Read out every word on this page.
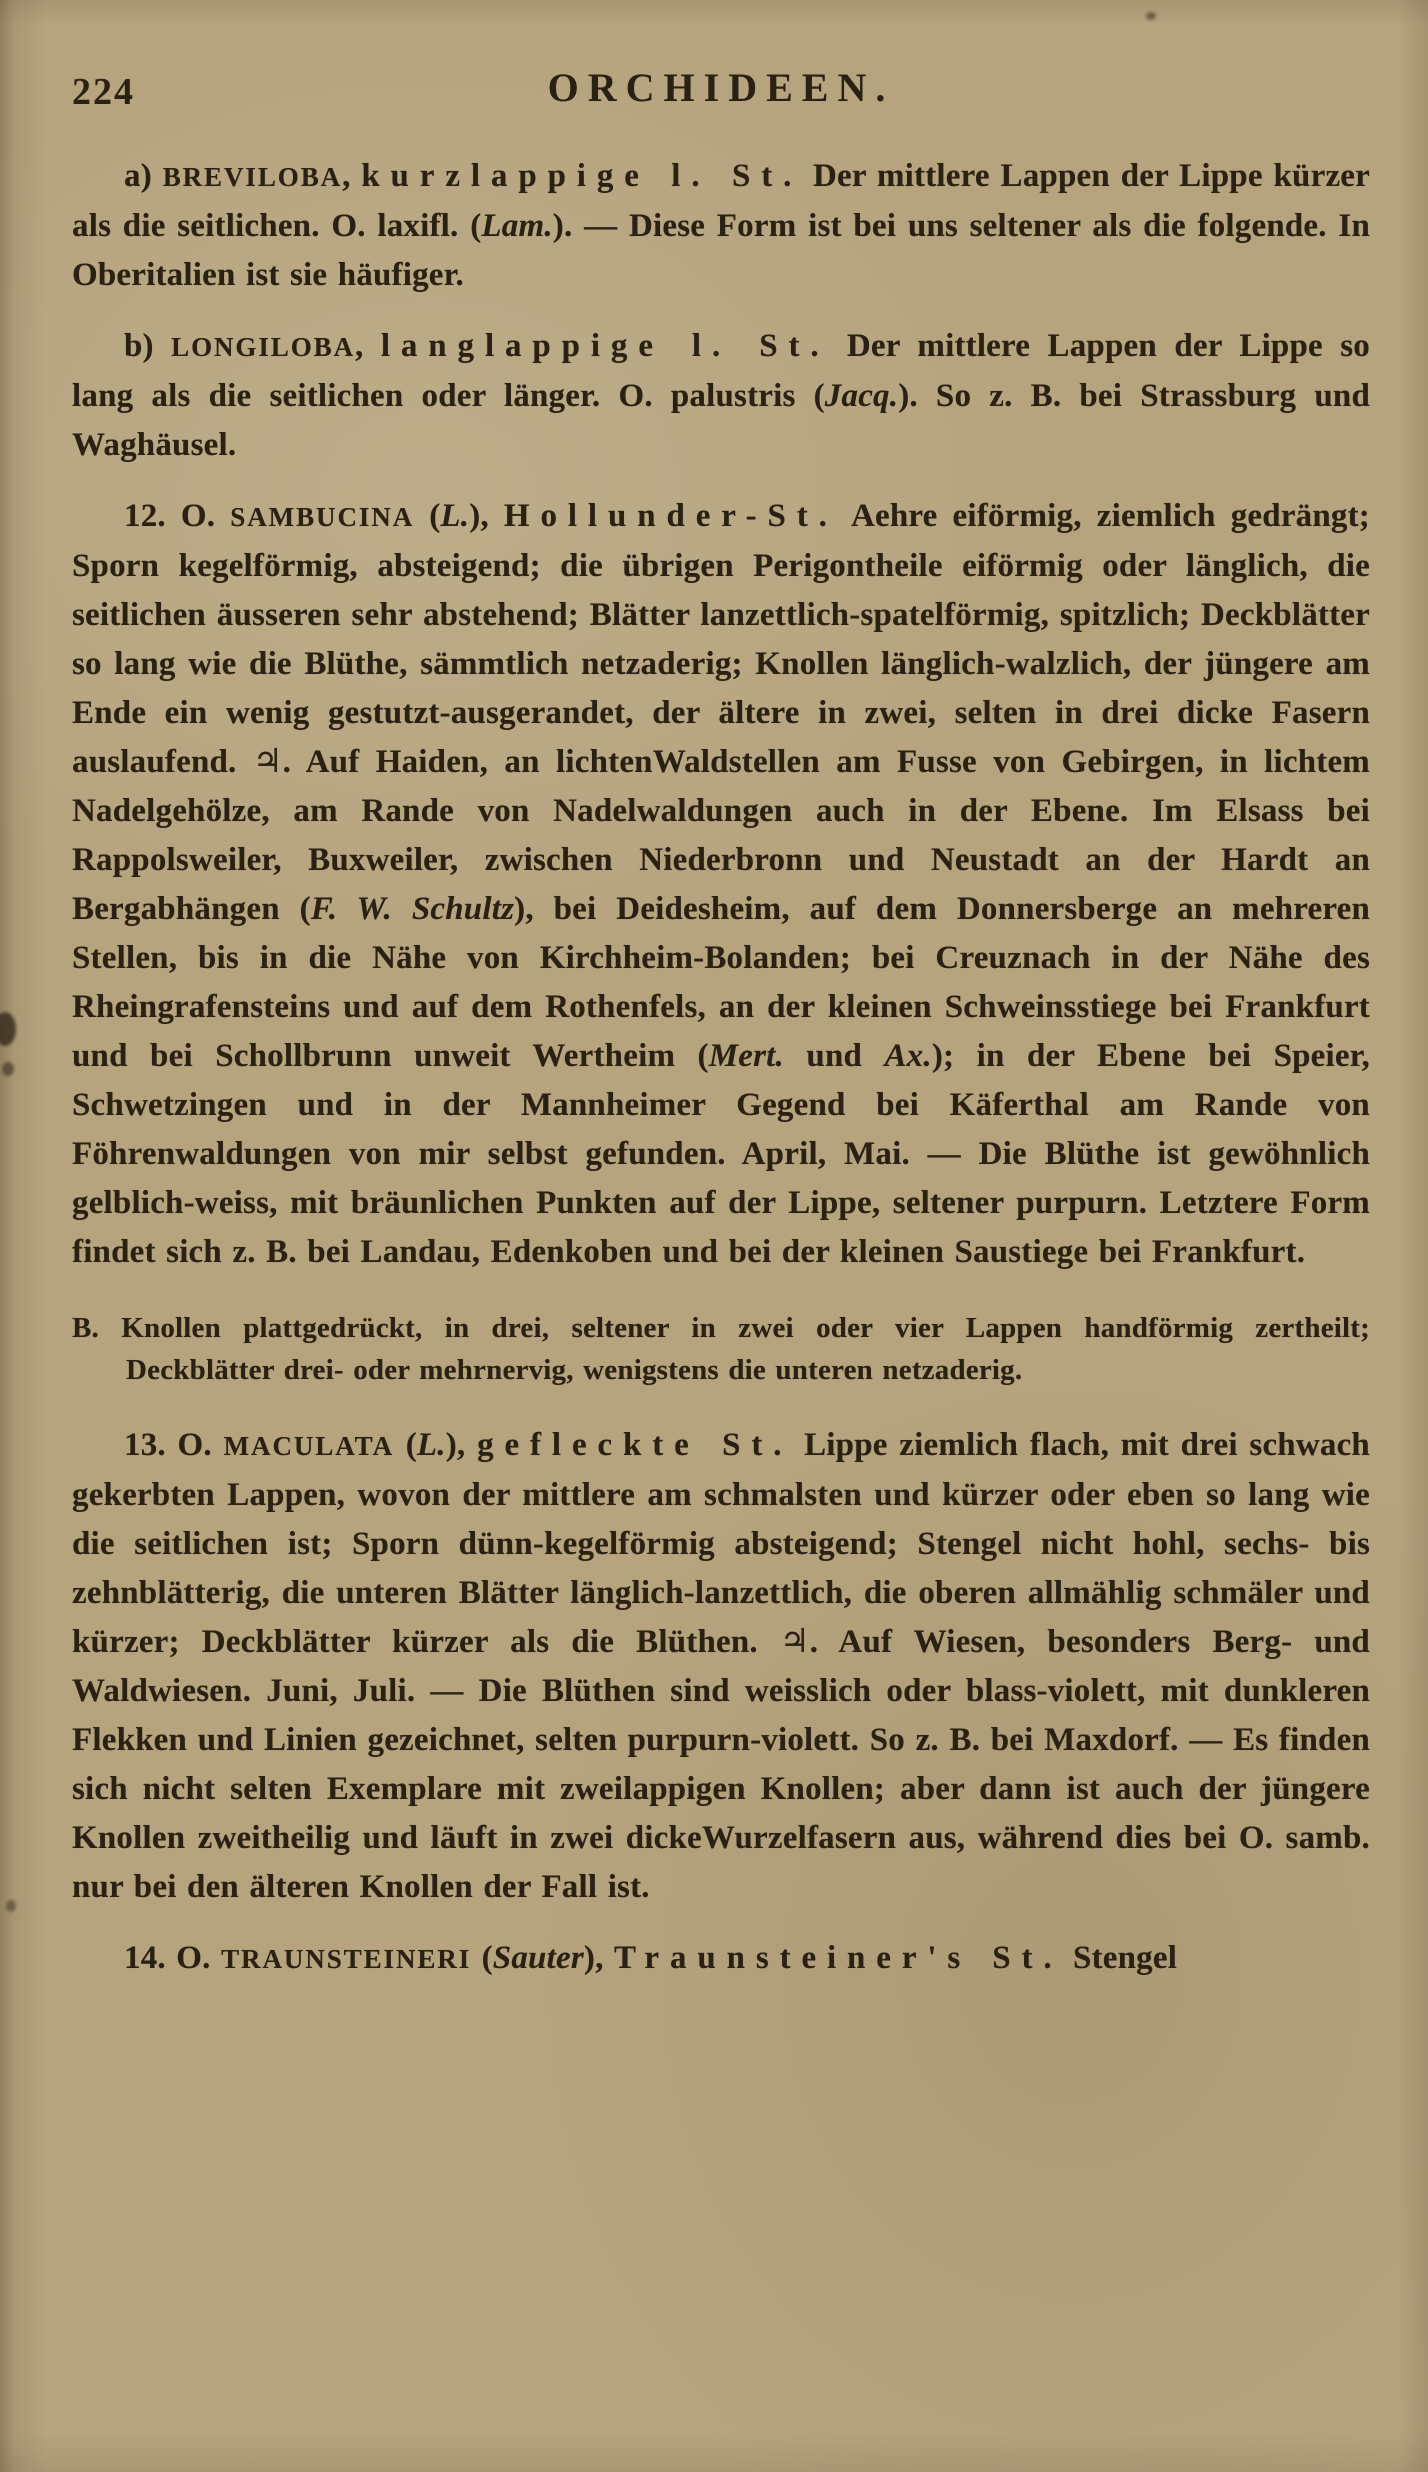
224	ORCHIDEEN.

a) BREVILOBA, kurzlappige l. St. Der mittlere Lappen der Lippe kürzer als die seitlichen. O. laxifl. (Lam.). — Diese Form ist bei uns seltener als die folgende. In Oberitalien ist sie häufiger.

b) LONGILOBA, langlappige l. St. Der mittlere Lappen der Lippe so lang als die seitlichen oder länger. O. palustris (Jacq.). So z. B. bei Strassburg und Waghäusel.

12. O. SAMBUCINA (L.), Hollunder-St. Aehre eiförmig, ziemlich gedrängt; Sporn kegelförmig, absteigend; die übrigen Perigontheile eiförmig oder länglich, die seitlichen äusseren sehr abstehend; Blätter lanzettlich-spatelförmig, spitzlich; Deckblätter so lang wie die Blüthe, sämmtlich netzaderig; Knollen länglich-walzlich, der jüngere am Ende ein wenig gestutzt-ausgerandet, der ältere in zwei, selten in drei dicke Fasern auslaufend. ♃. Auf Haiden, an lichtenWaldstellen am Fusse von Gebirgen, in lichtem Nadelgehölze, am Rande von Nadelwaldungen auch in der Ebene. Im Elsass bei Rappolsweiler, Buxweiler, zwischen Niederbronn und Neustadt an der Hardt an Bergabhängen (F. W. Schultz), bei Deidesheim, auf dem Donnersberge an mehreren Stellen, bis in die Nähe von Kirchheim-Bolanden; bei Creuznach in der Nähe des Rheingrafensteins und auf dem Rothenfels, an der kleinen Schweinsstiege bei Frankfurt und bei Schollbrunn unweit Wertheim (Mert. und Ax.); in der Ebene bei Speier, Schwetzingen und in der Mannheimer Gegend bei Käferthal am Rande von Föhrenwaldungen von mir selbst gefunden. April, Mai. — Die Blüthe ist gewöhnlich gelblich-weiss, mit bräunlichen Punkten auf der Lippe, seltener purpurn. Letztere Form findet sich z. B. bei Landau, Edenkoben und bei der kleinen Saustiege bei Frankfurt.

B. Knollen plattgedrückt, in drei, seltener in zwei oder vier Lappen handförmig zertheilt; Deckblätter drei- oder mehrnervig, wenigstens die unteren netzaderig.

13. O. MACULATA (L.), gefleckte St. Lippe ziemlich flach, mit drei schwach gekerbten Lappen, wovon der mittlere am schmalsten und kürzer oder eben so lang wie die seitlichen ist; Sporn dünn-kegelförmig absteigend; Stengel nicht hohl, sechs- bis zehnblätterig, die unteren Blätter länglich-lanzettlich, die oberen allmählig schmäler und kürzer; Deckblätter kürzer als die Blüthen. ♃. Auf Wiesen, besonders Berg- und Waldwiesen. Juni, Juli. — Die Blüthen sind weisslich oder blass-violett, mit dunkleren Flekken und Linien gezeichnet, selten purpurn-violett. So z. B. bei Maxdorf. — Es finden sich nicht selten Exemplare mit zweilappigen Knollen; aber dann ist auch der jüngere Knollen zweitheilig und läuft in zwei dickeWurzelfasern aus, während dies bei O. samb. nur bei den älteren Knollen der Fall ist.

14. O. TRAUNSTEINERI (Sauter), Traunsteiner's St. Stengel
